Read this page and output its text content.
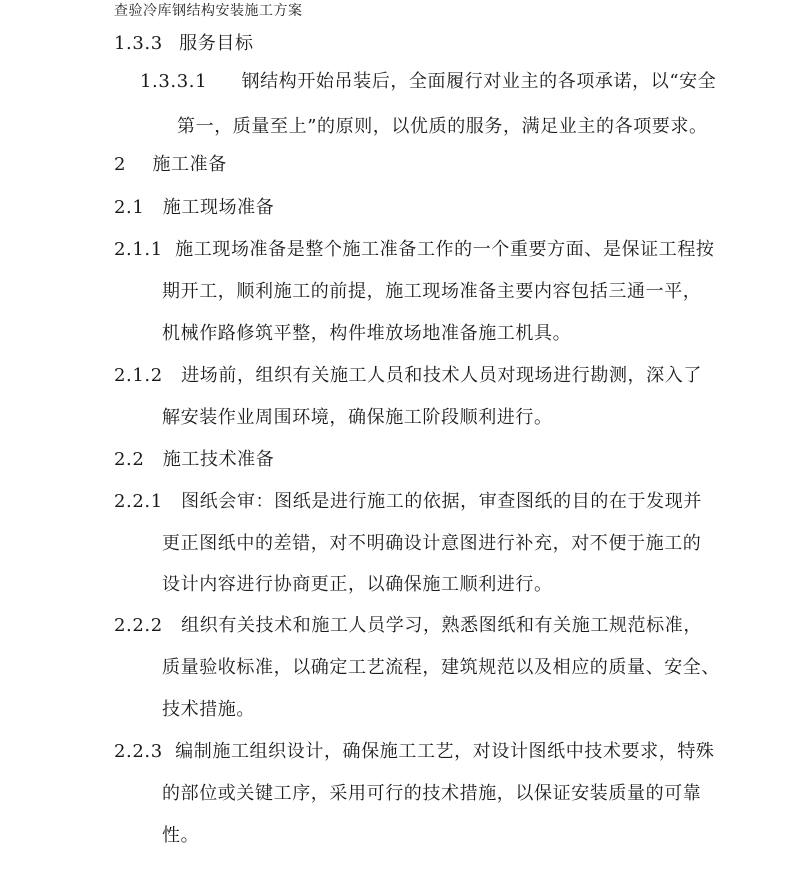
查验冷库钢结构安装施工方案
1.3.3 服务目标
1.3.3.1 钢结构开始吊装后，全面履行对业主的各项承诺，以“安全
第一，质量至上”的原则，以优质的服务，满足业主的各项要求。
2 施工准备
2.1 施工现场准备
2.1.1 施工现场准备是整个施工准备工作的一个重要方面、是保证工程按
期开工，顺利施工的前提，施工现场准备主要内容包括三通一平，
机械作路修筑平整，构件堆放场地准备施工机具。
2.1.2 进场前，组织有关施工人员和技术人员对现场进行勘测，深入了
解安装作业周围环境，确保施工阶段顺利进行。
2.2 施工技术准备
2.2.1 图纸会审：图纸是进行施工的依据，审查图纸的目的在于发现并
更正图纸中的差错，对不明确设计意图进行补充，对不便于施工的
设计内容进行协商更正，以确保施工顺利进行。
2.2.2 组织有关技术和施工人员学习，熟悉图纸和有关施工规范标准，
质量验收标准，以确定工艺流程，建筑规范以及相应的质量、安全、
技术措施。
2.2.3 编制施工组织设计，确保施工工艺，对设计图纸中技术要求，特殊
的部位或关键工序，采用可行的技术措施，以保证安装质量的可靠
性。
